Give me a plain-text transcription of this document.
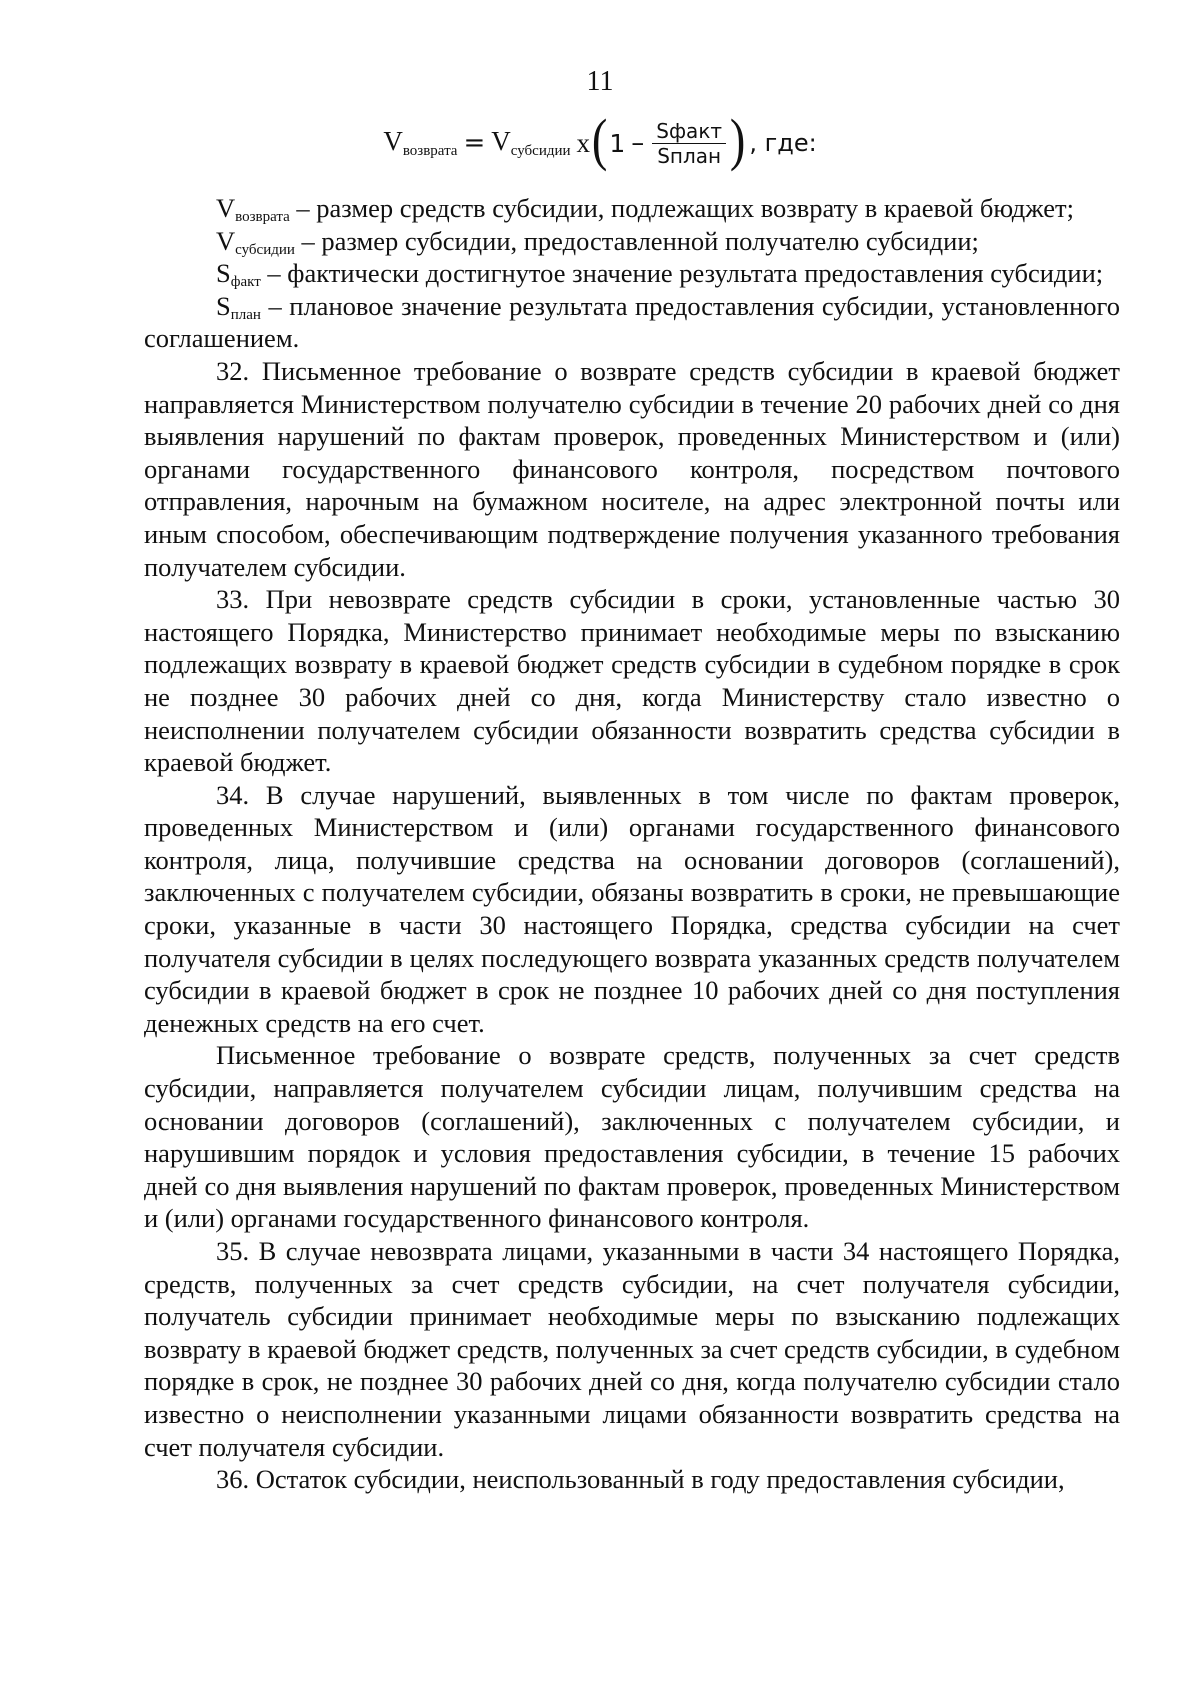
11
$V_{возврата} = V_{субсидии}$ x ( $1 - \frac{\text{Sфакт}}{\text{Sплан}}$ ) , где:

$V_{возврата}$ – размер средств субсидии, подлежащих возврату в краевой бюджет;

$V_{субсидии}$ – размер субсидии, предоставленной получателю субсидии;

$S_{факт}$ – фактически достигнутое значение результата предоставления субсидии;

$S_{план}$ – плановое значение результата предоставления субсидии, установленного соглашением.

32. Письменное требование о возврате средств субсидии в краевой бюджет направляется Министерством получателю субсидии в течение 20 рабочих дней со дня выявления нарушений по фактам проверок, проведенных Министерством и (или) органами государственного финансового контроля, посредством почтового отправления, нарочным на бумажном носителе, на адрес электронной почты или иным способом, обеспечивающим подтверждение получения указанного требования получателем субсидии.

33. При невозврате средств субсидии в сроки, установленные частью 30 настоящего Порядка, Министерство принимает необходимые меры по взысканию подлежащих возврату в краевой бюджет средств субсидии в судебном порядке в срок не позднее 30 рабочих дней со дня, когда Министерству стало известно о неисполнении получателем субсидии обязанности возвратить средства субсидии в краевой бюджет.

34. В случае нарушений, выявленных в том числе по фактам проверок, проведенных Министерством и (или) органами государственного финансового контроля, лица, получившие средства на основании договоров (соглашений), заключенных с получателем субсидии, обязаны возвратить в сроки, не превышающие сроки, указанные в части 30 настоящего Порядка, средства субсидии на счет получателя субсидии в целях последующего возврата указанных средств получателем субсидии в краевой бюджет в срок не позднее 10 рабочих дней со дня поступления денежных средств на его счет.

Письменное требование о возврате средств, полученных за счет средств субсидии, направляется получателем субсидии лицам, получившим средства на основании договоров (соглашений), заключенных с получателем субсидии, и нарушившим порядок и условия предоставления субсидии, в течение 15 рабочих дней со дня выявления нарушений по фактам проверок, проведенных Министерством и (или) органами государственного финансового контроля.

35. В случае невозврата лицами, указанными в части 34 настоящего Порядка, средств, полученных за счет средств субсидии, на счет получателя субсидии, получатель субсидии принимает необходимые меры по взысканию подлежащих возврату в краевой бюджет средств, полученных за счет средств субсидии, в судебном порядке в срок, не позднее 30 рабочих дней со дня, когда получателю субсидии стало известно о неисполнении указанными лицами обязанности возвратить средства на счет получателя субсидии.

36. Остаток субсидии, неиспользованный в году предоставления субсидии,
